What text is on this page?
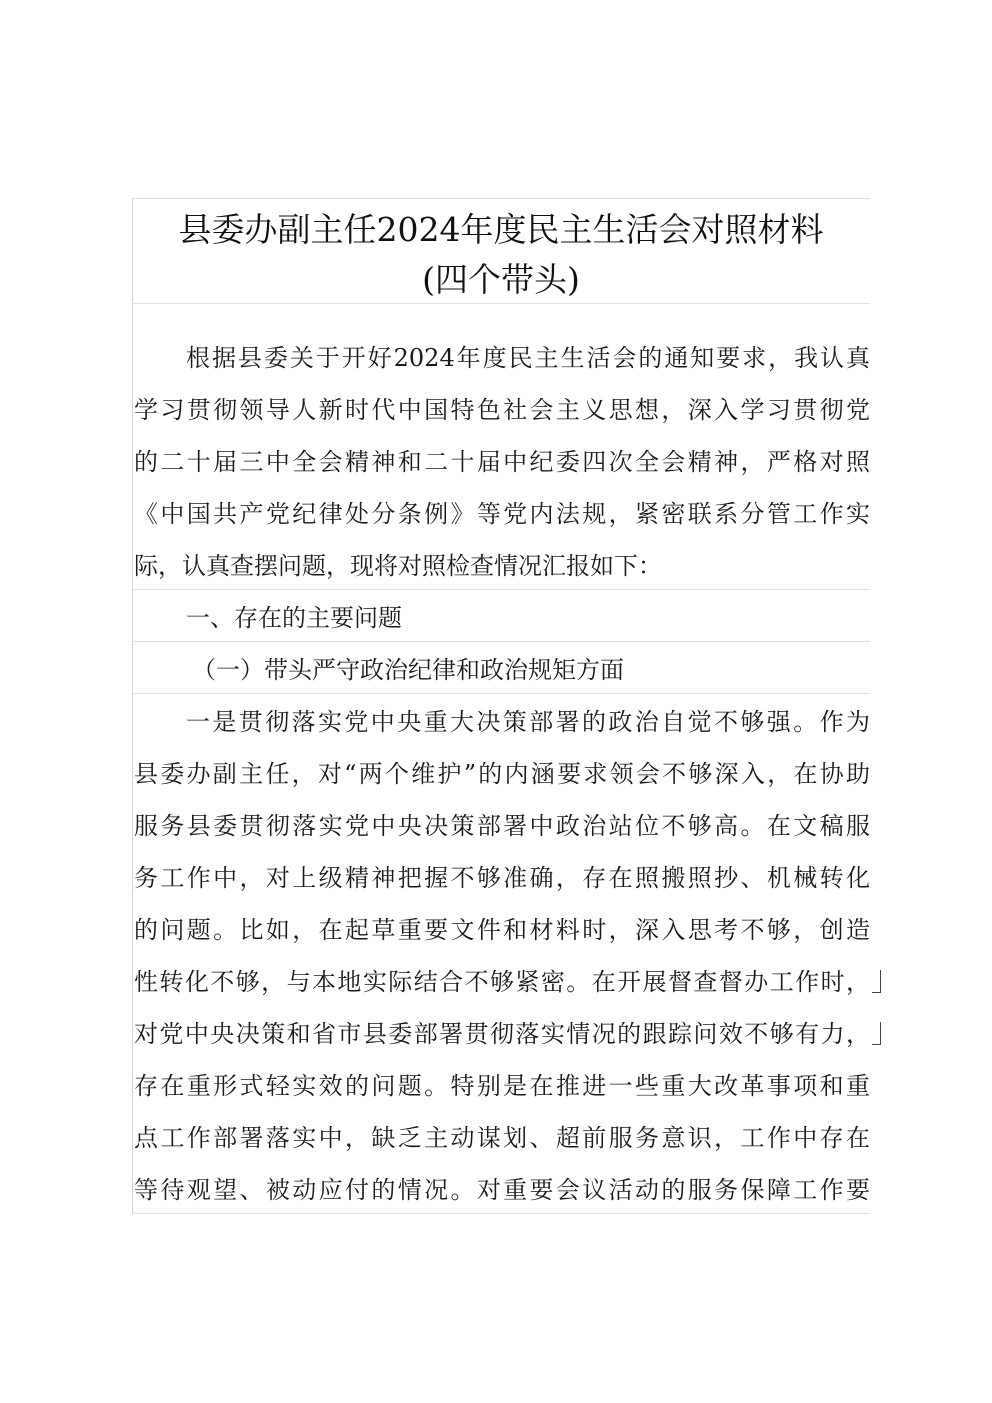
县委办副主任2024年度民主生活会对照材料
(四个带头)
根据县委关于开好2024年度民主生活会的通知要求，我认真
学习贯彻领导人新时代中国特色社会主义思想，深入学习贯彻党
的二十届三中全会精神和二十届中纪委四次全会精神，严格对照
《中国共产党纪律处分条例》等党内法规，紧密联系分管工作实
际，认真查摆问题，现将对照检查情况汇报如下：
一、存在的主要问题
（一）带头严守政治纪律和政治规矩方面
一是贯彻落实党中央重大决策部署的政治自觉不够强。作为
县委办副主任，对“两个维护”的内涵要求领会不够深入，在协助
服务县委贯彻落实党中央决策部署中政治站位不够高。在文稿服
务工作中，对上级精神把握不够准确，存在照搬照抄、机械转化
的问题。比如，在起草重要文件和材料时，深入思考不够，创造
性转化不够，与本地实际结合不够紧密。在开展督查督办工作时，
对党中央决策和省市县委部署贯彻落实情况的跟踪问效不够有力，
存在重形式轻实效的问题。特别是在推进一些重大改革事项和重
点工作部署落实中，缺乏主动谋划、超前服务意识，工作中存在
等待观望、被动应付的情况。对重要会议活动的服务保障工作要
